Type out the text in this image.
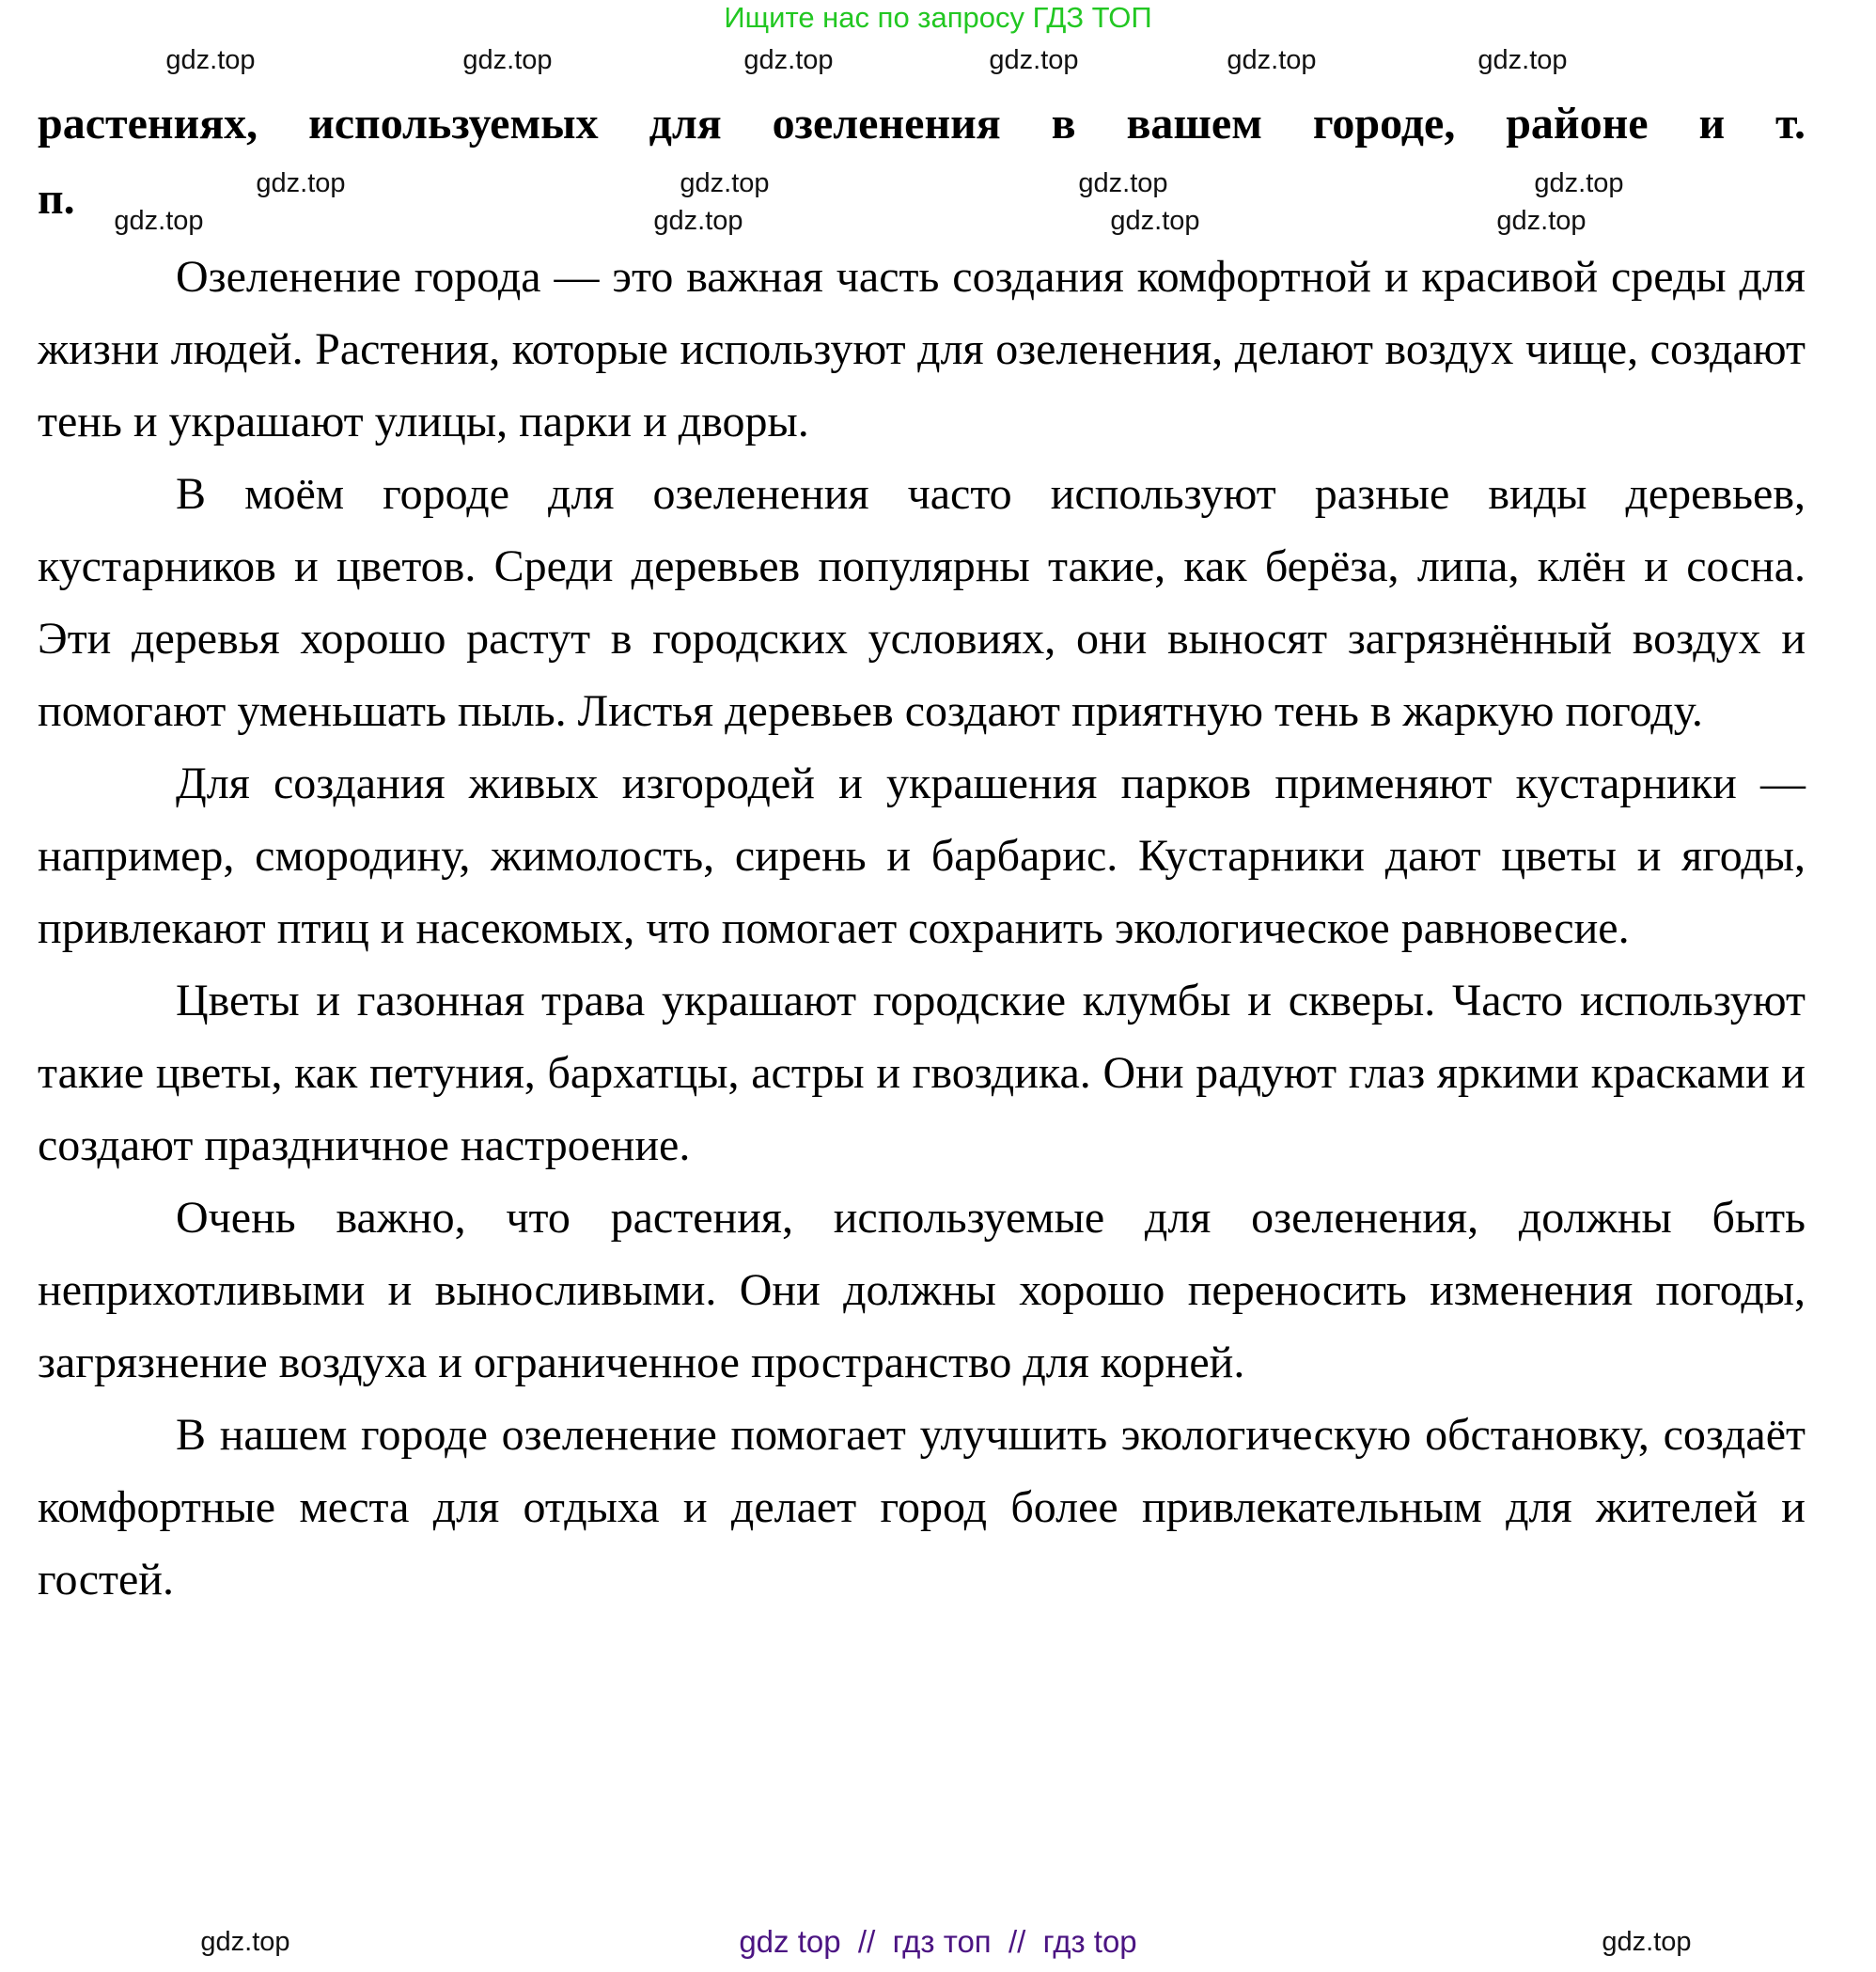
Ищите нас по запросу ГДЗ ТОП

растениях, используемых для озеленения в вашем городе, районе и т.

п.

Озеленение города — это важная часть создания комфортной и красивой среды для жизни людей. Растения, которые используют для озеленения, делают воздух чище, создают тень и украшают улицы, парки и дворы.

В моём городе для озеленения часто используют разные виды деревьев, кустарников и цветов. Среди деревьев популярны такие, как берёза, липа, клён и сосна. Эти деревья хорошо растут в городских условиях, они выносят загрязнённый воздух и помогают уменьшать пыль. Листья деревьев создают приятную тень в жаркую погоду.

Для создания живых изгородей и украшения парков применяют кустарники — например, смородину, жимолость, сирень и барбарис. Кустарники дают цветы и ягоды, привлекают птиц и насекомых, что помогает сохранить экологическое равновесие.

Цветы и газонная трава украшают городские клумбы и скверы. Часто используют такие цветы, как петуния, бархатцы, астры и гвоздика. Они радуют глаз яркими красками и создают праздничное настроение.

Очень важно, что растения, используемые для озеленения, должны быть неприхотливыми и выносливыми. Они должны хорошо переносить изменения погоды, загрязнение воздуха и ограниченное пространство для корней.

В нашем городе озеленение помогает улучшить экологическую обстановку, создаёт комфортные места для отдыха и делает город более привлекательным для жителей и гостей.

gdz.top	gdz.top	gdz.top	gdz.top	gdz.top	gdz.top
gdz.top	gdz.top	gdz.top	gdz.top
gdz.top	gdz.top	gdz.top	gdz.top
gdz.top	gdz.top
gdz top  //  гдз топ  //  гдз top
